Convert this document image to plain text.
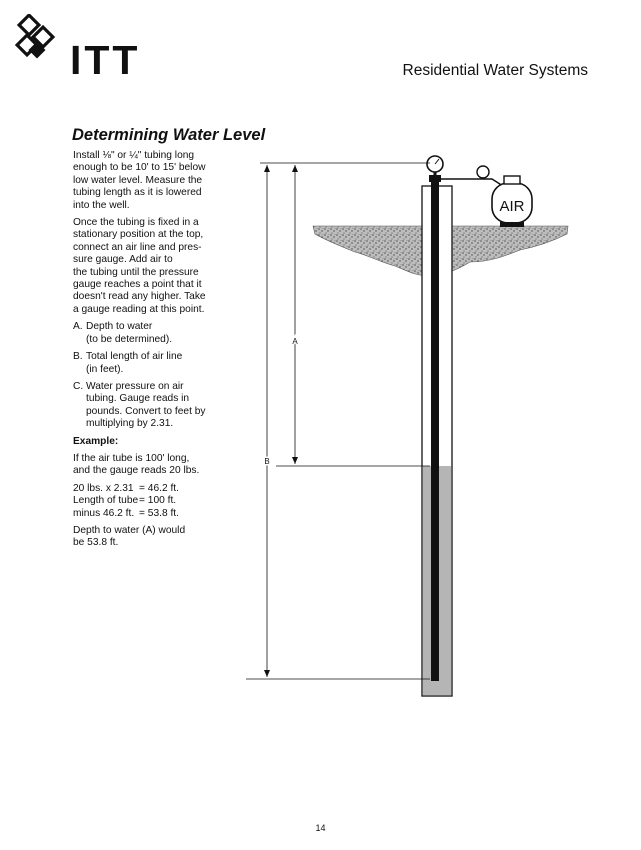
ITT	Residential Water Systems
Determining Water Level

Install ⅛" or ¼" tubing long
enough to be 10' to 15' below
low water level. Measure the
tubing length as it is lowered
into the well.

Once the tubing is fixed in a
stationary position at the top,
connect an air line and pres-
sure gauge. Add air to
the tubing until the pressure
gauge reaches a point that it
doesn't read any higher. Take
a gauge reading at this point.

A. Depth to water
(to be determined).
B. Total length of air line
(in feet).
C. Water pressure on air
tubing. Gauge reads in
pounds. Convert to feet by
multiplying by 2.31.

Example:

If the air tube is 100' long,
and the gauge reads 20 lbs.

20 lbs. x 2.31 = 46.2 ft.
Length of tube = 100 ft.
minus 46.2 ft. = 53.8 ft.

Depth to water (A) would
be 53.8 ft.

AIR
A
B
14
